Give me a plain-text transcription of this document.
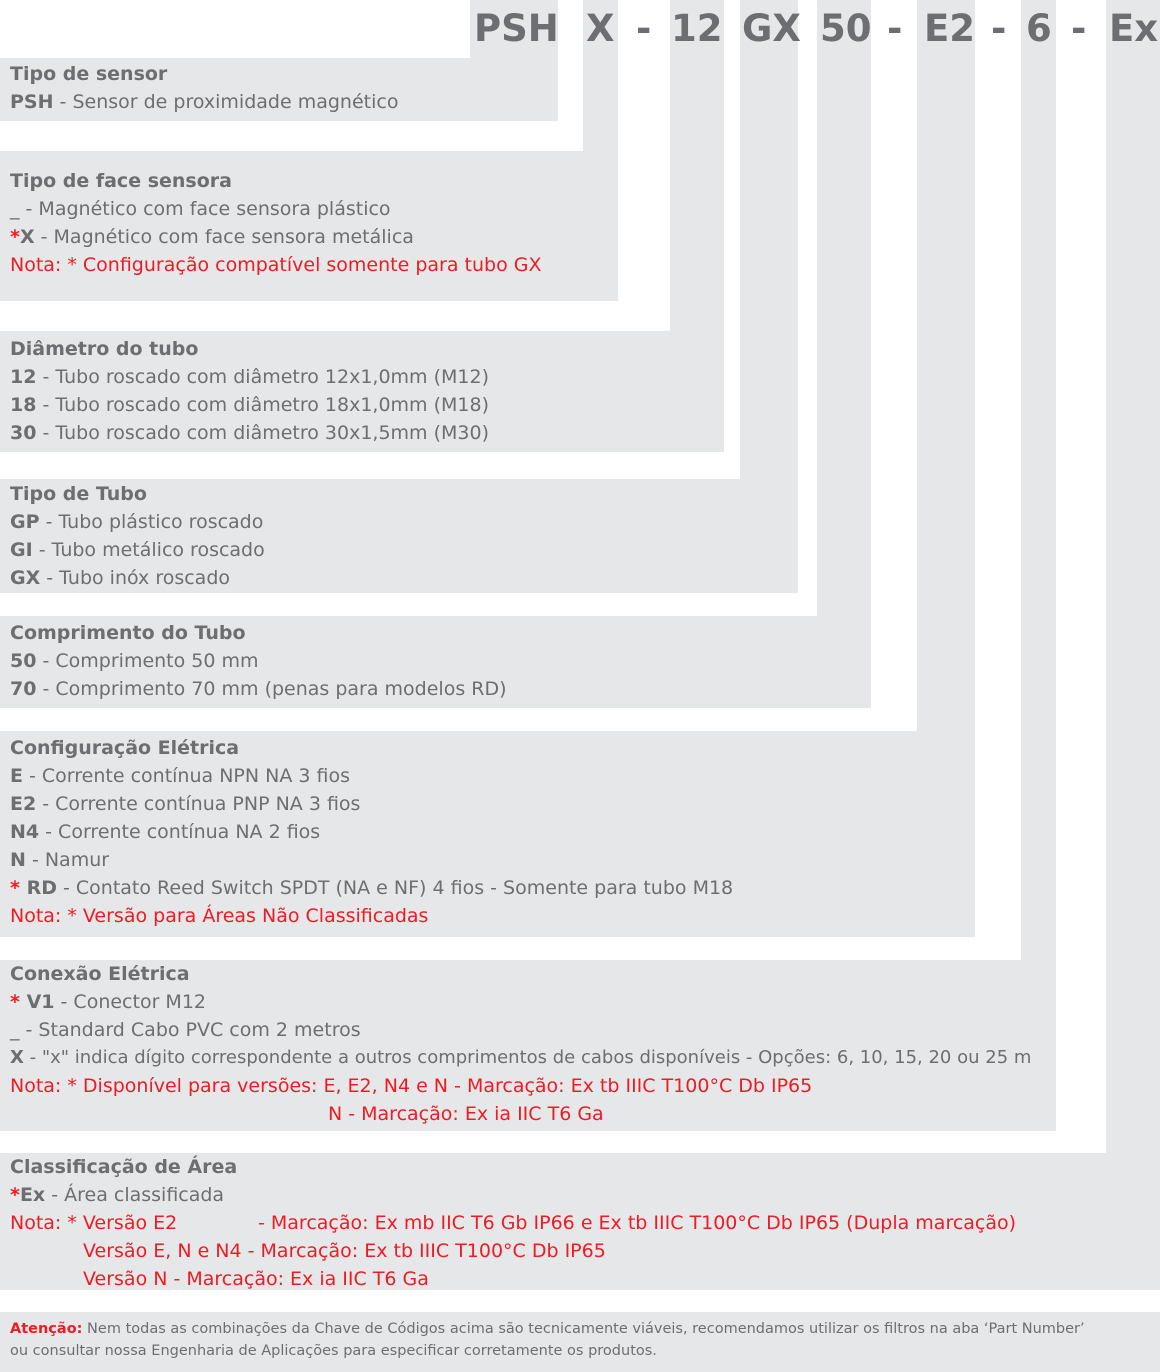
PSH X - 12 GX 50 - E2 - 6 - Ex
Tipo de sensor
PSH - Sensor de proximidade magnético
Tipo de face sensora
_ - Magnético com face sensora plástico
*X - Magnético com face sensora metálica
Nota: * Configuração compatível somente para tubo GX
Diâmetro do tubo
12 - Tubo roscado com diâmetro 12x1,0mm (M12)
18 - Tubo roscado com diâmetro 18x1,0mm (M18)
30 - Tubo roscado com diâmetro 30x1,5mm (M30)
Tipo de Tubo
GP - Tubo plástico roscado
GI - Tubo metálico roscado
GX - Tubo inóx roscado
Comprimento do Tubo
50 - Comprimento 50 mm
70 - Comprimento 70 mm (penas para modelos RD)
Configuração Elétrica
E - Corrente contínua NPN NA 3 fios
E2 - Corrente contínua PNP NA 3 fios
N4 - Corrente contínua NA 2 fios
N - Namur
* RD - Contato Reed Switch SPDT (NA e NF) 4 fios - Somente para tubo M18
Nota: * Versão para Áreas Não Classificadas
Conexão Elétrica
* V1 - Conector M12
_ - Standard Cabo PVC com 2 metros
X - "x" indica dígito correspondente a outros comprimentos de cabos disponíveis - Opções: 6, 10, 15, 20 ou 25 m
Nota: * Disponível para versões: E, E2, N4 e N - Marcação: Ex tb IIIC T100°C Db IP65
N - Marcação: Ex ia IIC T6 Ga
Classificação de Área
*Ex - Área classificada
Nota: * Versão E2	- Marcação: Ex mb IIC T6 Gb IP66 e Ex tb IIIC T100°C Db IP65 (Dupla marcação)
Versão E, N e N4 - Marcação: Ex tb IIIC T100°C Db IP65
Versão N - Marcação: Ex ia IIC T6 Ga
Atenção: Nem todas as combinações da Chave de Códigos acima são tecnicamente viáveis, recomendamos utilizar os filtros na aba ‘Part Number’
ou consultar nossa Engenharia de Aplicações para especificar corretamente os produtos.
